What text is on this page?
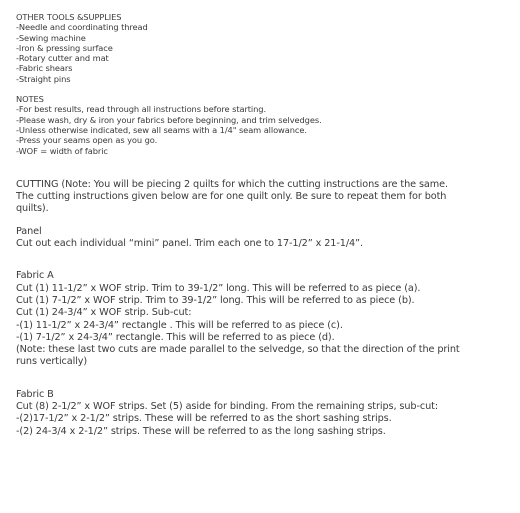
OTHER TOOLS &SUPPLIES
-Needle and coordinating thread
-Sewing machine
-Iron & pressing surface
-Rotary cutter and mat
-Fabric shears
-Straight pins
NOTES
-For best results, read through all instructions before starting.
-Please wash, dry & iron your fabrics before beginning, and trim selvedges.
-Unless otherwise indicated, sew all seams with a 1/4" seam allowance.
-Press your seams open as you go.
-WOF = width of fabric
CUTTING (Note: You will be piecing 2 quilts for which the cutting instructions are the same.
The cutting instructions given below are for one quilt only. Be sure to repeat them for both
quilts).
Panel
Cut out each individual “mini” panel. Trim each one to 17-1/2” x 21-1/4”.
Fabric A
Cut (1) 11-1/2” x WOF strip. Trim to 39-1/2” long. This will be referred to as piece (a).
Cut (1) 7-1/2” x WOF strip. Trim to 39-1/2” long. This will be referred to as piece (b).
Cut (1) 24-3/4” x WOF strip. Sub-cut:
-(1) 11-1/2” x 24-3/4” rectangle . This will be referred to as piece (c).
-(1) 7-1/2” x 24-3/4” rectangle. This will be referred to as piece (d).
(Note: these last two cuts are made parallel to the selvedge, so that the direction of the print
runs vertically)
Fabric B
Cut (8) 2-1/2” x WOF strips. Set (5) aside for binding. From the remaining strips, sub-cut:
-(2)17-1/2” x 2-1/2” strips. These will be referred to as the short sashing strips.
-(2) 24-3/4 x 2-1/2” strips. These will be referred to as the long sashing strips.
